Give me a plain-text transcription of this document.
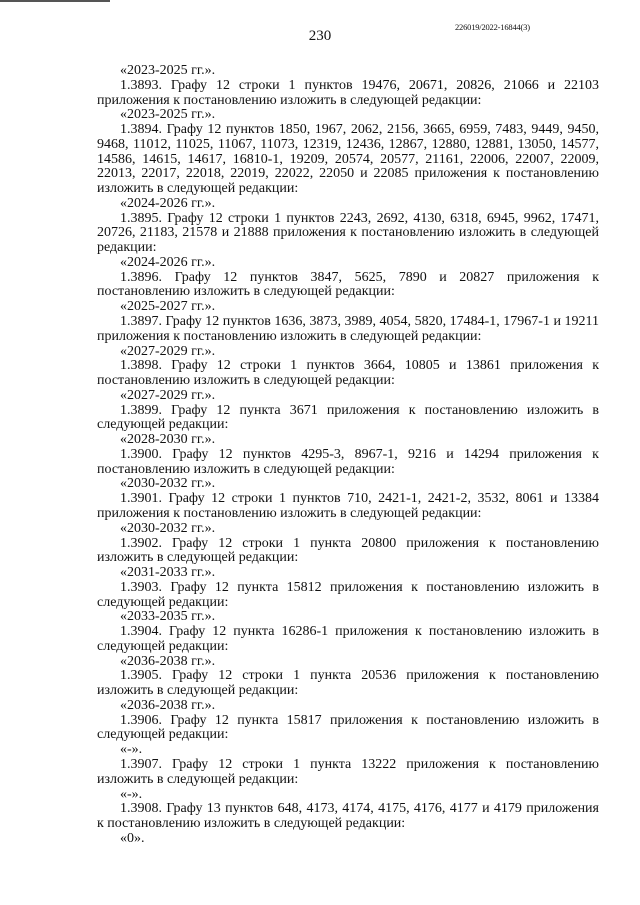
226019/2022-16844(3)
230

«2023-2025 гг.».

1.3893. Графу 12 строки 1 пунктов 19476, 20671, 20826, 21066 и 22103 приложения к постановлению изложить в следующей редакции:

«2023-2025 гг.».

1.3894. Графу 12 пунктов 1850, 1967, 2062, 2156, 3665, 6959, 7483, 9449, 9450, 9468, 11012, 11025, 11067, 11073, 12319, 12436, 12867, 12880, 12881, 13050, 14577, 14586, 14615, 14617, 16810-1, 19209, 20574, 20577, 21161, 22006, 22007, 22009, 22013, 22017, 22018, 22019, 22022, 22050 и 22085 приложения к постановлению изложить в следующей редакции:

«2024-2026 гг.».

1.3895. Графу 12 строки 1 пунктов 2243, 2692, 4130, 6318, 6945, 9962, 17471, 20726, 21183, 21578 и 21888 приложения к постановлению изложить в следующей редакции:

«2024-2026 гг.».

1.3896. Графу 12 пунктов 3847, 5625, 7890 и 20827 приложения к постановлению изложить в следующей редакции:

«2025-2027 гг.».

1.3897. Графу 12 пунктов 1636, 3873, 3989, 4054, 5820, 17484-1, 17967-1 и 19211 приложения к постановлению изложить в следующей редакции:

«2027-2029 гг.».

1.3898. Графу 12 строки 1 пунктов 3664, 10805 и 13861 приложения к постановлению изложить в следующей редакции:

«2027-2029 гг.».

1.3899. Графу 12 пункта 3671 приложения к постановлению изложить в следующей редакции:

«2028-2030 гг.».

1.3900. Графу 12 пунктов 4295-3, 8967-1, 9216 и 14294 приложения к постановлению изложить в следующей редакции:

«2030-2032 гг.».

1.3901. Графу 12 строки 1 пунктов 710, 2421-1, 2421-2, 3532, 8061 и 13384 приложения к постановлению изложить в следующей редакции:

«2030-2032 гг.».

1.3902. Графу 12 строки 1 пункта 20800 приложения к постановлению изложить в следующей редакции:

«2031-2033 гг.».

1.3903. Графу 12 пункта 15812 приложения к постановлению изложить в следующей редакции:

«2033-2035 гг.».

1.3904. Графу 12 пункта 16286-1 приложения к постановлению изложить в следующей редакции:

«2036-2038 гг.».

1.3905. Графу 12 строки 1 пункта 20536 приложения к постановлению изложить в следующей редакции:

«2036-2038 гг.».

1.3906. Графу 12 пункта 15817 приложения к постановлению изложить в следующей редакции:

«-».

1.3907. Графу 12 строки 1 пункта 13222 приложения к постановлению изложить в следующей редакции:

«-».

1.3908. Графу 13 пунктов 648, 4173, 4174, 4175, 4176, 4177 и 4179 приложения к постановлению изложить в следующей редакции:

«0».
